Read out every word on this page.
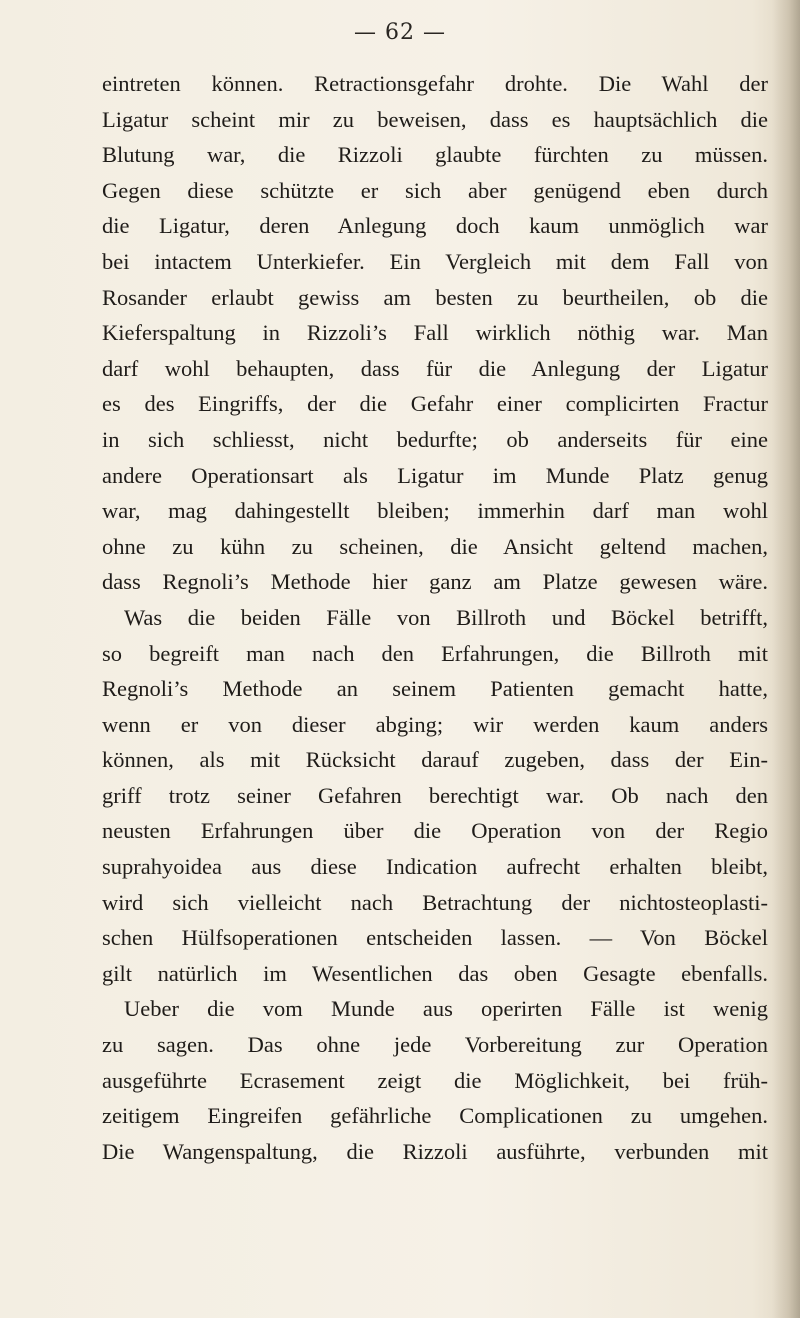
— 62 —
eintreten können. Retractionsgefahr drohte. Die Wahl der
Ligatur scheint mir zu beweisen, dass es hauptsächlich die
Blutung war, die Rizzoli glaubte fürchten zu müssen.
Gegen diese schützte er sich aber genügend eben durch
die Ligatur, deren Anlegung doch kaum unmöglich war
bei intactem Unterkiefer. Ein Vergleich mit dem Fall von
Rosander erlaubt gewiss am besten zu beurtheilen, ob die
Kieferspaltung in Rizzoli’s Fall wirklich nöthig war. Man
darf wohl behaupten, dass für die Anlegung der Ligatur
es des Eingriffs, der die Gefahr einer complicirten Fractur
in sich schliesst, nicht bedurfte; ob anderseits für eine
andere Operationsart als Ligatur im Munde Platz genug
war, mag dahingestellt bleiben; immerhin darf man wohl
ohne zu kühn zu scheinen, die Ansicht geltend machen,
dass Regnoli’s Methode hier ganz am Platze gewesen wäre.
Was die beiden Fälle von Billroth und Böckel betrifft,
so begreift man nach den Erfahrungen, die Billroth mit
Regnoli’s Methode an seinem Patienten gemacht hatte,
wenn er von dieser abging; wir werden kaum anders
können, als mit Rücksicht darauf zugeben, dass der Ein-
griff trotz seiner Gefahren berechtigt war. Ob nach den
neusten Erfahrungen über die Operation von der Regio
suprahyoidea aus diese Indication aufrecht erhalten bleibt,
wird sich vielleicht nach Betrachtung der nichtosteoplasti-
schen Hülfsoperationen entscheiden lassen. — Von Böckel
gilt natürlich im Wesentlichen das oben Gesagte ebenfalls.
Ueber die vom Munde aus operirten Fälle ist wenig
zu sagen. Das ohne jede Vorbereitung zur Operation
ausgeführte Ecrasement zeigt die Möglichkeit, bei früh-
zeitigem Eingreifen gefährliche Complicationen zu umgehen.
Die Wangenspaltung, die Rizzoli ausführte, verbunden mit
